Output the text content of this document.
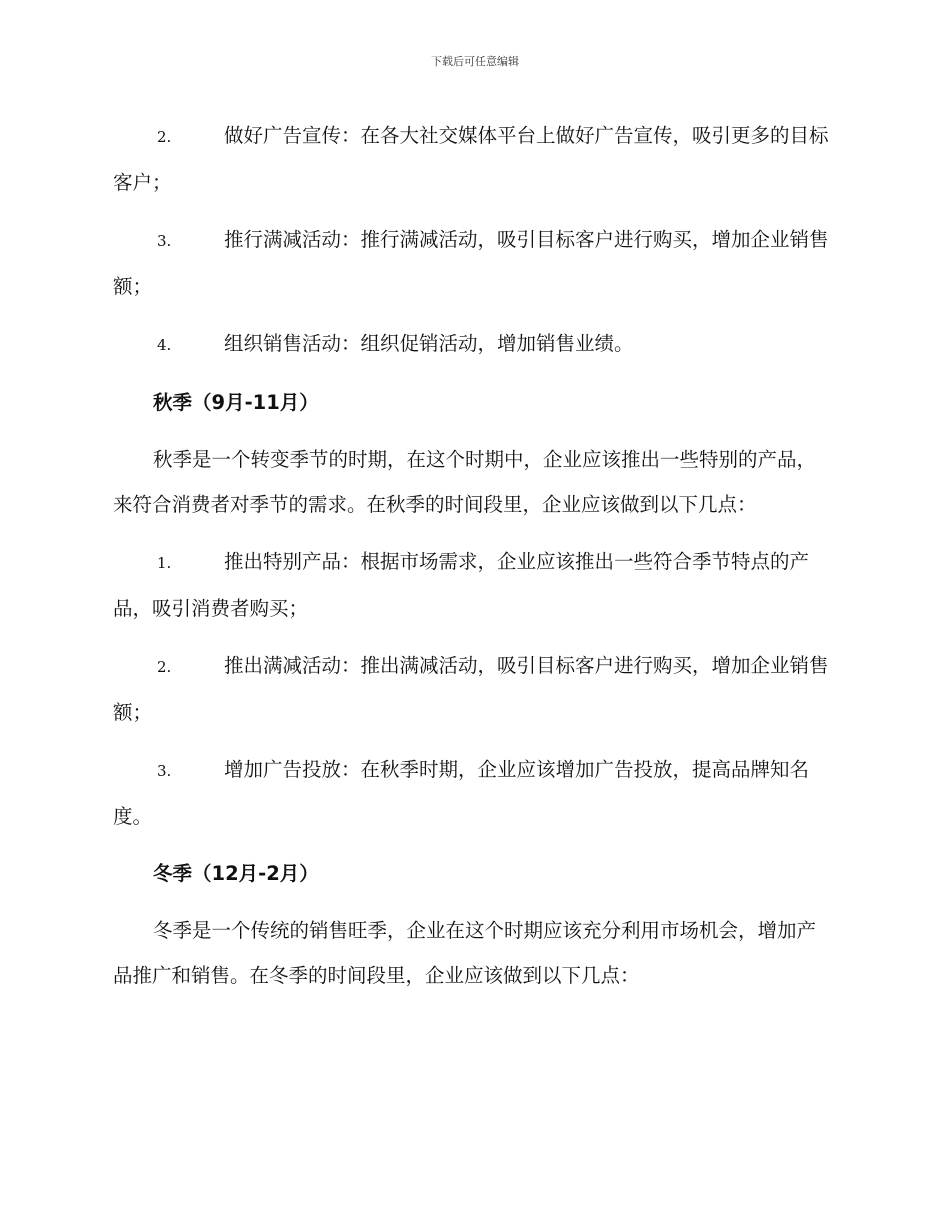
下载后可任意编辑

2.	做好广告宣传：在各大社交媒体平台上做好广告宣传，吸引更多的目标客户；

3.	推行满减活动：推行满减活动，吸引目标客户进行购买，增加企业销售额；

4.	组织销售活动：组织促销活动，增加销售业绩。

秋季（9月-11月）

秋季是一个转变季节的时期，在这个时期中，企业应该推出一些特别的产品，来符合消费者对季节的需求。在秋季的时间段里，企业应该做到以下几点：

1.	推出特别产品：根据市场需求，企业应该推出一些符合季节特点的产品，吸引消费者购买；

2.	推出满减活动：推出满减活动，吸引目标客户进行购买，增加企业销售额；

3.	增加广告投放：在秋季时期，企业应该增加广告投放，提高品牌知名度。

冬季（12月-2月）

冬季是一个传统的销售旺季，企业在这个时期应该充分利用市场机会，增加产品推广和销售。在冬季的时间段里，企业应该做到以下几点：
